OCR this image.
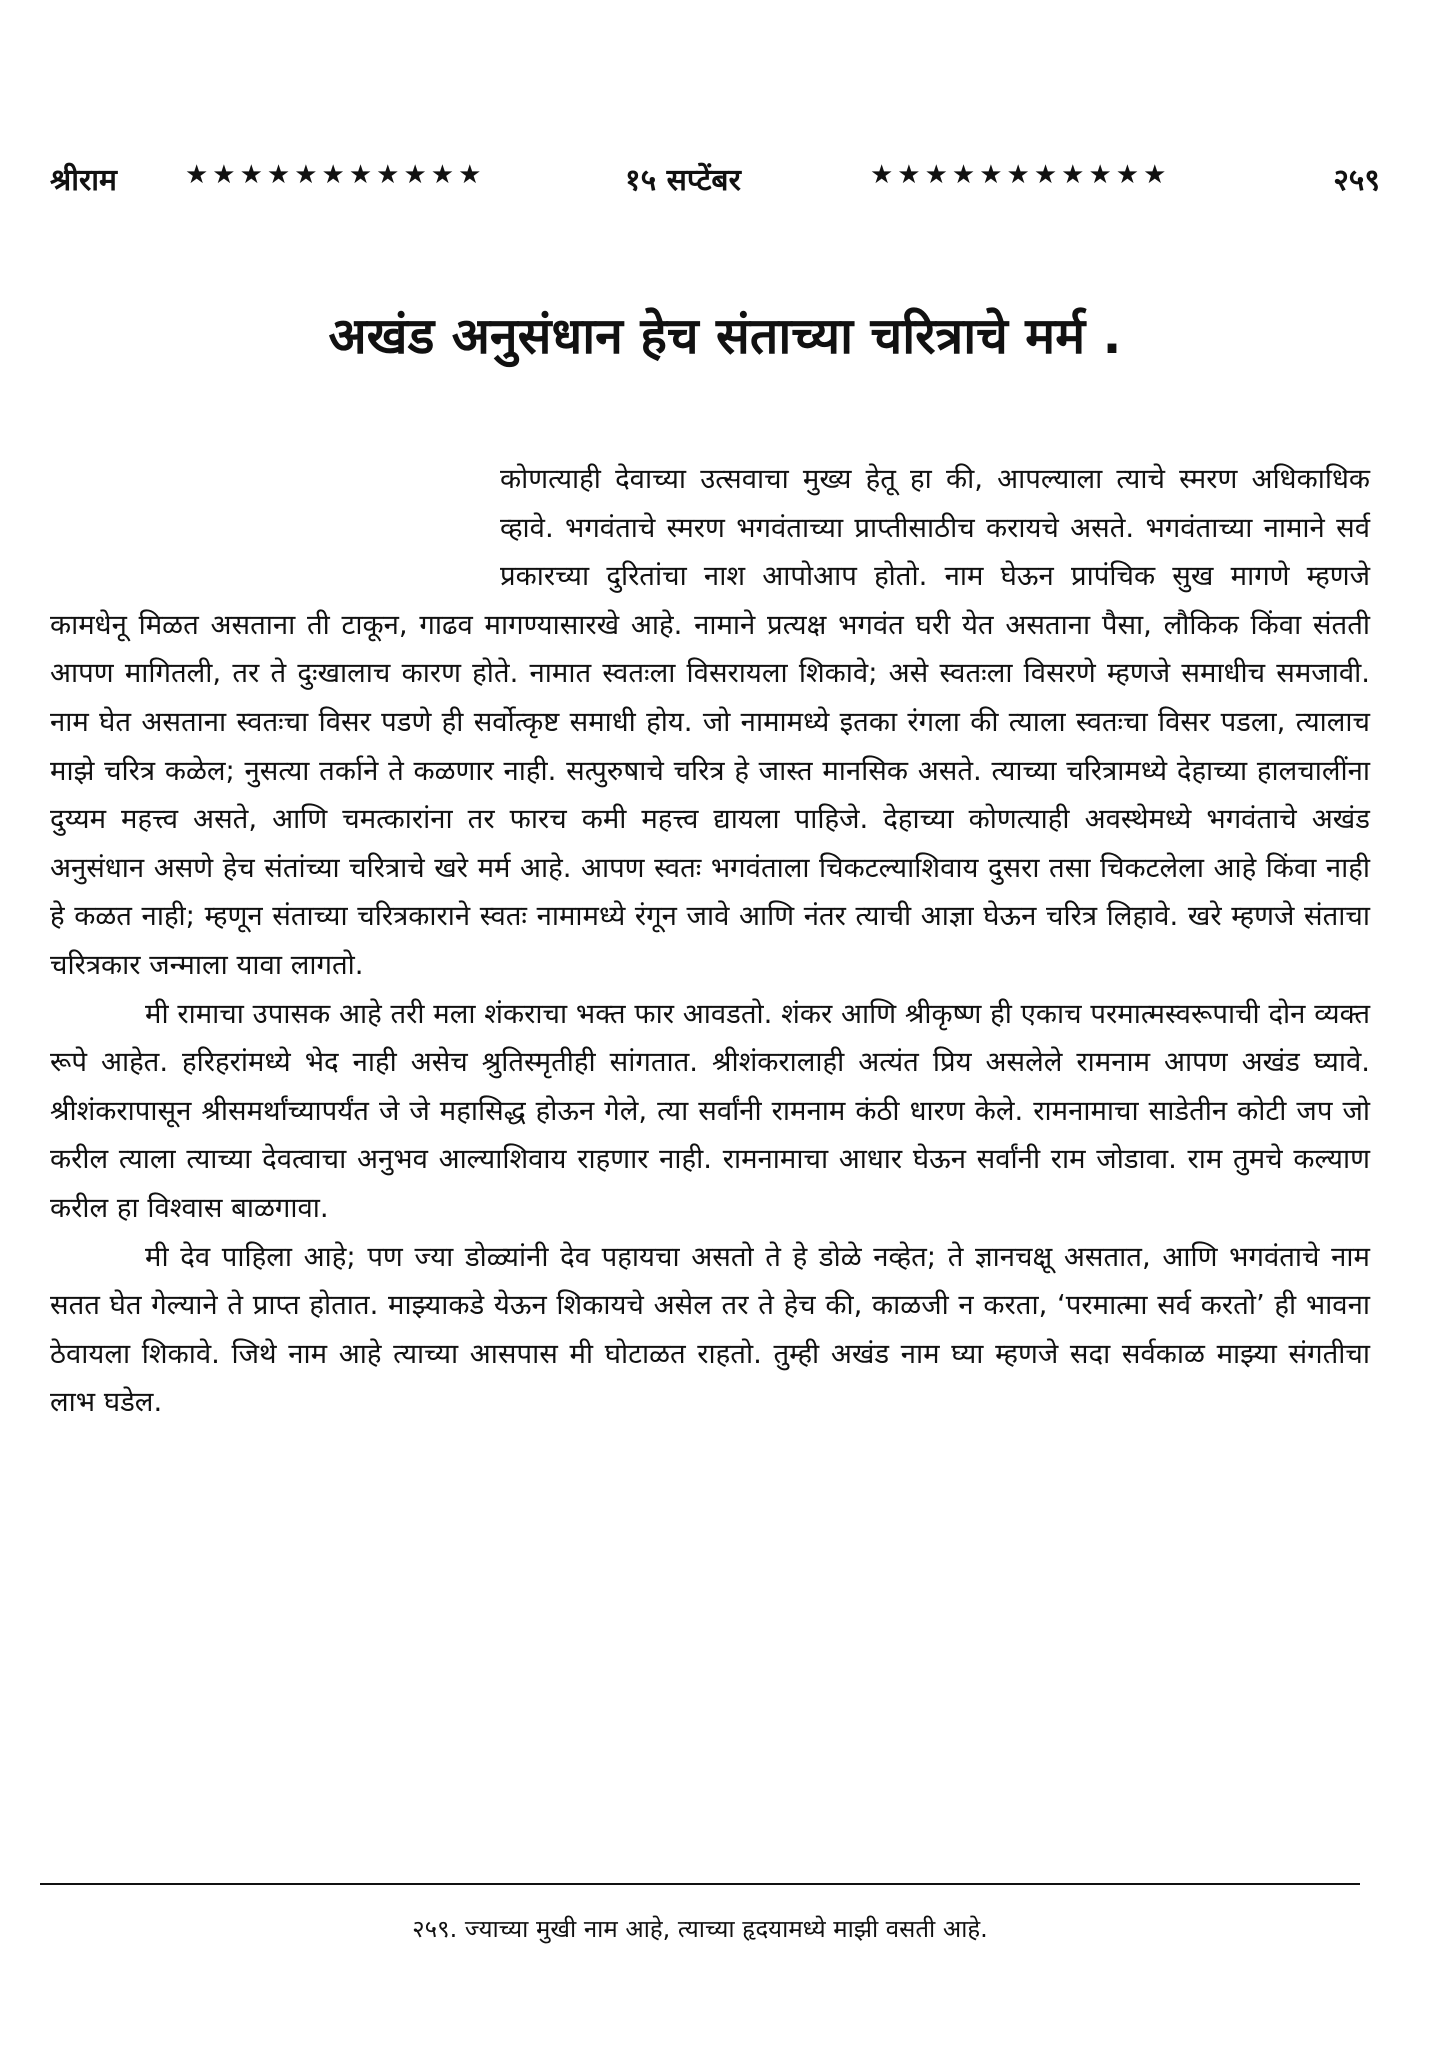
श्रीराम	★★★★★★★★★★★	१५ सप्टेंबर	★★★★★★★★★★★	२५९
अखंड अनुसंधान हेच संताच्या चरित्राचे मर्म .

कोणत्याही देवाच्या उत्सवाचा मुख्य हेतू हा की, आपल्याला त्याचे स्मरण अधिकाधिक व्हावे. भगवंताचे स्मरण भगवंताच्या प्राप्तीसाठीच करायचे असते. भगवंताच्या नामाने सर्व प्रकारच्या दुरितांचा नाश आपोआप होतो. नाम घेऊन प्रापंचिक सुख मागणे म्हणजे कामधेनू मिळत असताना ती टाकून, गाढव मागण्यासारखे आहे. नामाने प्रत्यक्ष भगवंत घरी येत असताना पैसा, लौकिक किंवा संतती आपण मागितली, तर ते दुःखालाच कारण होते. नामात स्वतःला विसरायला शिकावे; असे स्वतःला विसरणे म्हणजे समाधीच समजावी. नाम घेत असताना स्वतःचा विसर पडणे ही सर्वोत्कृष्ट समाधी होय. जो नामामध्ये इतका रंगला की त्याला स्वतःचा विसर पडला, त्यालाच माझे चरित्र कळेल; नुसत्या तर्काने ते कळणार नाही. सत्पुरुषाचे चरित्र हे जास्त मानसिक असते. त्याच्या चरित्रामध्ये देहाच्या हालचालींना दुय्यम महत्त्व असते, आणि चमत्कारांना तर फारच कमी महत्त्व द्यायला पाहिजे. देहाच्या कोणत्याही अवस्थेमध्ये भगवंताचे अखंड अनुसंधान असणे हेच संतांच्या चरित्राचे खरे मर्म आहे. आपण स्वतः भगवंताला चिकटल्याशिवाय दुसरा तसा चिकटलेला आहे किंवा नाही हे कळत नाही; म्हणून संताच्या चरित्रकाराने स्वतः नामामध्ये रंगून जावे आणि नंतर त्याची आज्ञा घेऊन चरित्र लिहावे. खरे म्हणजे संताचा चरित्रकार जन्माला यावा लागतो.

मी रामाचा उपासक आहे तरी मला शंकराचा भक्त फार आवडतो. शंकर आणि श्रीकृष्ण ही एकाच परमात्मस्वरूपाची दोन व्यक्त रूपे आहेत. हरिहरांमध्ये भेद नाही असेच श्रुतिस्मृतीही सांगतात. श्रीशंकरालाही अत्यंत प्रिय असलेले रामनाम आपण अखंड घ्यावे. श्रीशंकरापासून श्रीसमर्थांच्यापर्यंत जे जे महासिद्ध होऊन गेले, त्या सर्वांनी रामनाम कंठी धारण केले. रामनामाचा साडेतीन कोटी जप जो करील त्याला त्याच्या देवत्वाचा अनुभव आल्याशिवाय राहणार नाही. रामनामाचा आधार घेऊन सर्वांनी राम जोडावा. राम तुमचे कल्याण करील हा विश्वास बाळगावा.

मी देव पाहिला आहे; पण ज्या डोळ्यांनी देव पहायचा असतो ते हे डोळे नव्हेत; ते ज्ञानचक्षू असतात, आणि भगवंताचे नाम सतत घेत गेल्याने ते प्राप्त होतात. माझ्याकडे येऊन शिकायचे असेल तर ते हेच की, काळजी न करता, ‘परमात्मा सर्व करतो’ ही भावना ठेवायला शिकावे. जिथे नाम आहे त्याच्या आसपास मी घोटाळत राहतो. तुम्ही अखंड नाम घ्या म्हणजे सदा सर्वकाळ माझ्या संगतीचा लाभ घडेल.

२५९. ज्याच्या मुखी नाम आहे, त्याच्या हृदयामध्ये माझी वसती आहे.
